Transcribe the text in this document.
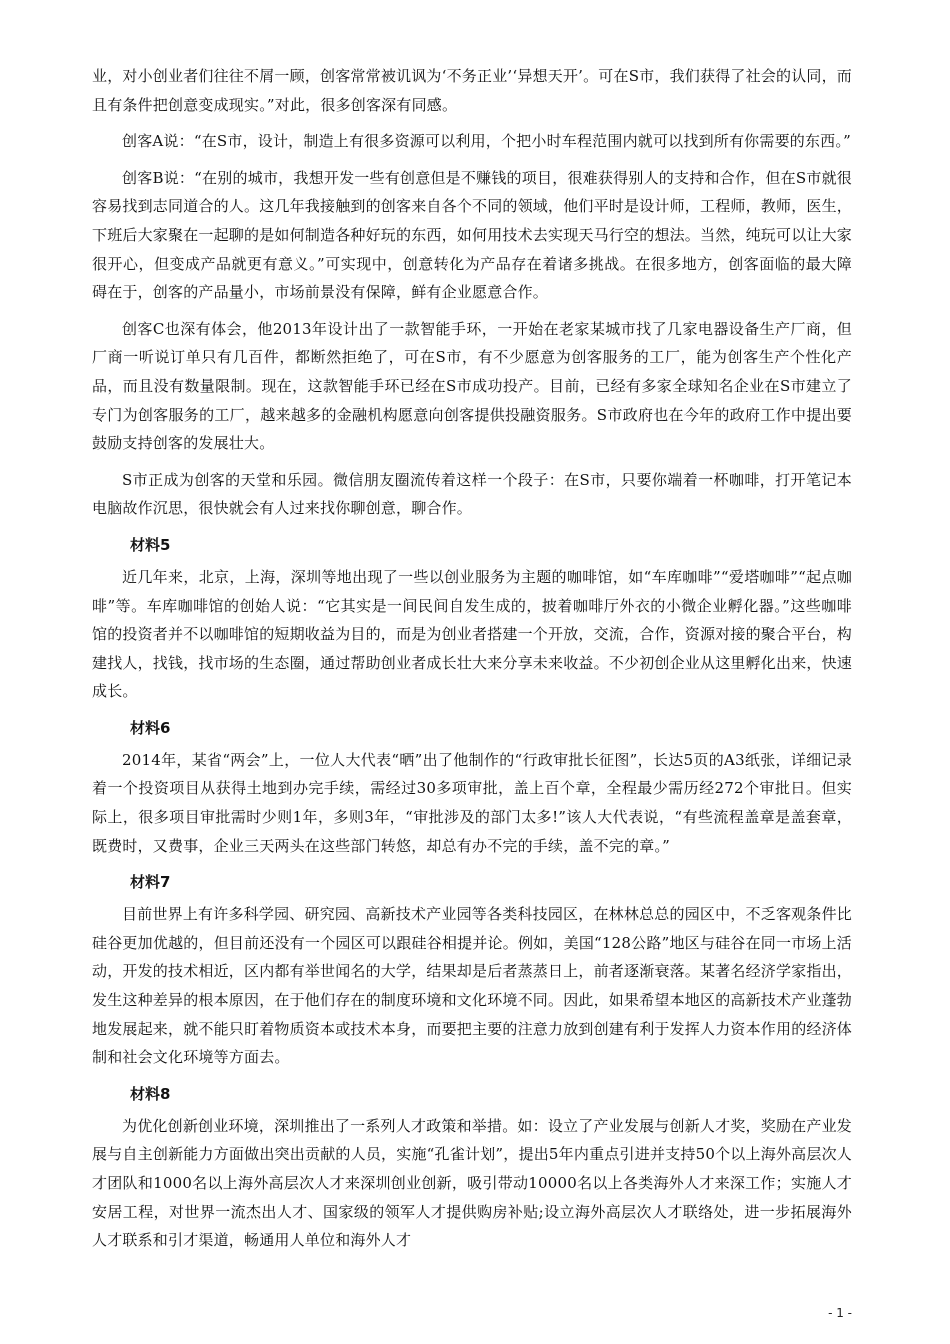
业，对小创业者们往往不屑一顾，创客常常被讥讽为‘不务正业’‘异想天开’。可在S市，我们获得了社会的认同，而且有条件把创意变成现实。”对此，很多创客深有同感。

创客A说：“在S市，设计，制造上有很多资源可以利用，个把小时车程范围内就可以找到所有你需要的东西。”

创客B说：“在别的城市，我想开发一些有创意但是不赚钱的项目，很难获得别人的支持和合作，但在S市就很容易找到志同道合的人。这几年我接触到的创客来自各个不同的领域，他们平时是设计师，工程师，教师，医生，下班后大家聚在一起聊的是如何制造各种好玩的东西，如何用技术去实现天马行空的想法。当然，纯玩可以让大家很开心，但变成产品就更有意义。”可实现中，创意转化为产品存在着诸多挑战。在很多地方，创客面临的最大障碍在于，创客的产品量小，市场前景没有保障，鲜有企业愿意合作。

创客C也深有体会，他2013年设计出了一款智能手环，一开始在老家某城市找了几家电器设备生产厂商，但厂商一听说订单只有几百件，都断然拒绝了，可在S市，有不少愿意为创客服务的工厂，能为创客生产个性化产品，而且没有数量限制。现在，这款智能手环已经在S市成功投产。目前，已经有多家全球知名企业在S市建立了专门为创客服务的工厂，越来越多的金融机构愿意向创客提供投融资服务。S市政府也在今年的政府工作中提出要鼓励支持创客的发展壮大。

S市正成为创客的天堂和乐园。微信朋友圈流传着这样一个段子：在S市，只要你端着一杯咖啡，打开笔记本电脑故作沉思，很快就会有人过来找你聊创意，聊合作。

材料5

近几年来，北京，上海，深圳等地出现了一些以创业服务为主题的咖啡馆，如“车库咖啡”“爱塔咖啡”“起点咖啡”等。车库咖啡馆的创始人说：“它其实是一间民间自发生成的，披着咖啡厅外衣的小微企业孵化器。”这些咖啡馆的投资者并不以咖啡馆的短期收益为目的，而是为创业者搭建一个开放，交流，合作，资源对接的聚合平台，构建找人，找钱，找市场的生态圈，通过帮助创业者成长壮大来分享未来收益。不少初创企业从这里孵化出来，快速成长。

材料6

2014年，某省“两会”上，一位人大代表“晒”出了他制作的“行政审批长征图”，长达5页的A3纸张，详细记录着一个投资项目从获得土地到办完手续，需经过30多项审批，盖上百个章，全程最少需历经272个审批日。但实际上，很多项目审批需时少则1年，多则3年，“审批涉及的部门太多!”该人大代表说，“有些流程盖章是盖套章，既费时，又费事，企业三天两头在这些部门转悠，却总有办不完的手续，盖不完的章。”

材料7

目前世界上有许多科学园、研究园、高新技术产业园等各类科技园区，在林林总总的园区中，不乏客观条件比硅谷更加优越的，但目前还没有一个园区可以跟硅谷相提并论。例如，美国“128公路”地区与硅谷在同一市场上活动，开发的技术相近，区内都有举世闻名的大学，结果却是后者蒸蒸日上，前者逐渐衰落。某著名经济学家指出，发生这种差异的根本原因，在于他们存在的制度环境和文化环境不同。因此，如果希望本地区的高新技术产业蓬勃地发展起来，就不能只盯着物质资本或技术本身，而要把主要的注意力放到创建有利于发挥人力资本作用的经济体制和社会文化环境等方面去。

材料8

为优化创新创业环境，深圳推出了一系列人才政策和举措。如：设立了产业发展与创新人才奖，奖励在产业发展与自主创新能力方面做出突出贡献的人员，实施“孔雀计划”，提出5年内重点引进并支持50个以上海外高层次人才团队和1000名以上海外高层次人才来深圳创业创新，吸引带动10000名以上各类海外人才来深工作；实施人才安居工程，对世界一流杰出人才、国家级的领军人才提供购房补贴;设立海外高层次人才联络处，进一步拓展海外人才联系和引才渠道，畅通用人单位和海外人才

- 1 -
